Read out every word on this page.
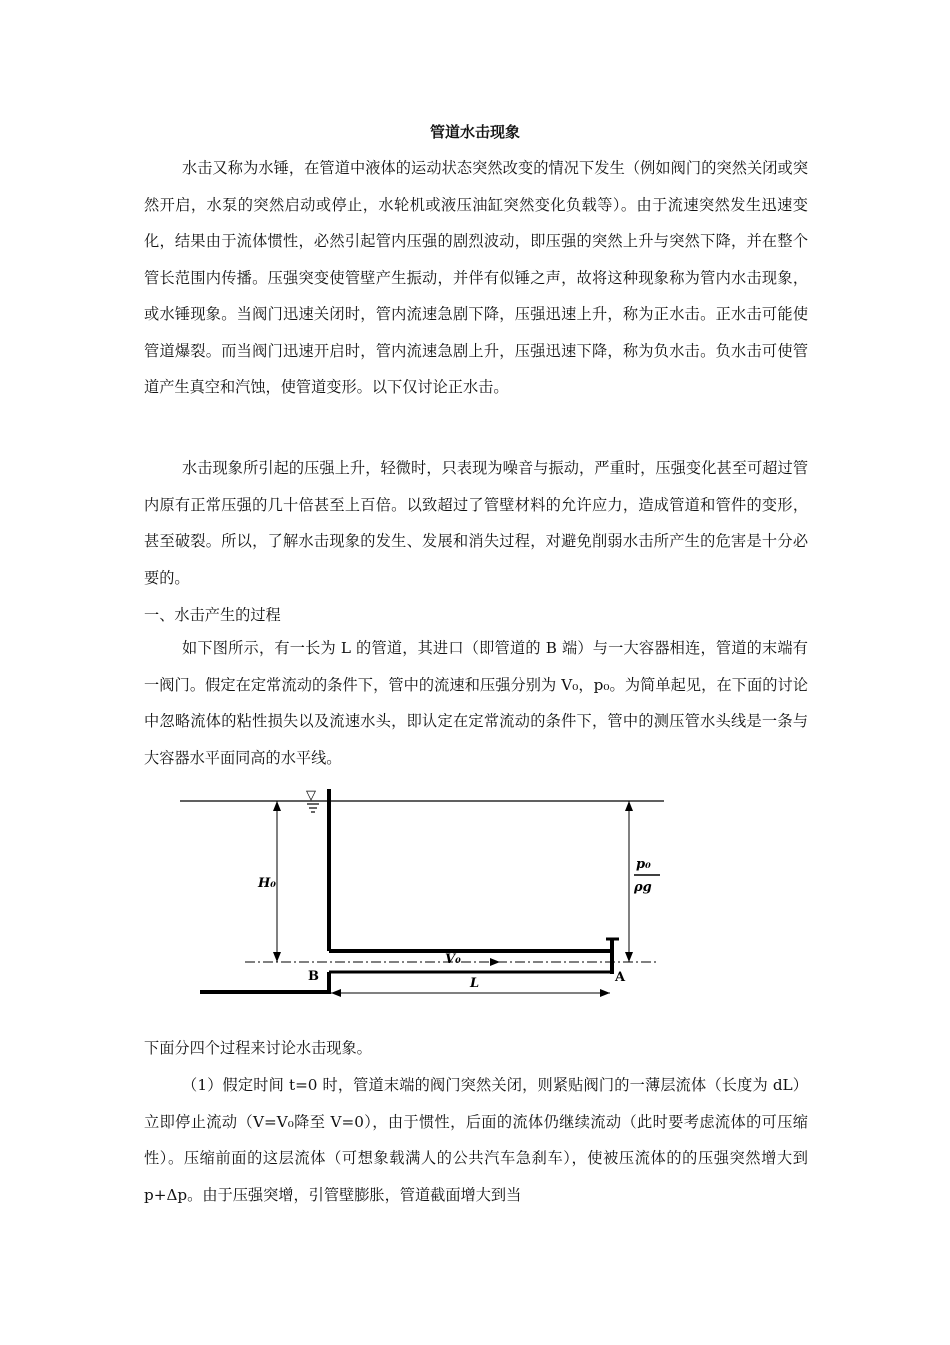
管道水击现象

水击又称为水锤，在管道中液体的运动状态突然改变的情况下发生（例如阀门的突然关闭或突然开启，水泵的突然启动或停止，水轮机或液压油缸突然变化负载等）。由于流速突然发生迅速变化，结果由于流体惯性，必然引起管内压强的剧烈波动，即压强的突然上升与突然下降，并在整个管长范围内传播。压强突变使管壁产生振动，并伴有似锤之声，故将这种现象称为管内水击现象，或水锤现象。当阀门迅速关闭时，管内流速急剧下降，压强迅速上升，称为正水击。正水击可能使管道爆裂。而当阀门迅速开启时，管内流速急剧上升，压强迅速下降，称为负水击。负水击可使管道产生真空和汽蚀，使管道变形。以下仅讨论正水击。

水击现象所引起的压强上升，轻微时，只表现为噪音与振动，严重时，压强变化甚至可超过管内原有正常压强的几十倍甚至上百倍。以致超过了管壁材料的允许应力，造成管道和管件的变形，甚至破裂。所以，了解水击现象的发生、发展和消失过程，对避免削弱水击所产生的危害是十分必要的。

一、水击产生的过程

如下图所示，有一长为 L 的管道，其进口（即管道的 B 端）与一大容器相连，管道的末端有一阀门。假定在定常流动的条件下，管中的流速和压强分别为 V₀，p₀。为简单起见，在下面的讨论中忽略流体的粘性损失以及流速水头，即认定在定常流动的条件下，管中的测压管水头线是一条与大容器水平面同高的水平线。

▽
H₀
p₀
ρg
V₀
B	A
L

下面分四个过程来讨论水击现象。

（1）假定时间 t=0 时，管道末端的阀门突然关闭，则紧贴阀门的一薄层流体（长度为 dL）立即停止流动（V=V₀降至 V=0），由于惯性，后面的流体仍继续流动（此时要考虑流体的可压缩性）。压缩前面的这层流体（可想象载满人的公共汽车急刹车），使被压流体的的压强突然增大到 p+Δp。由于压强突增，引管壁膨胀，管道截面增大到当
